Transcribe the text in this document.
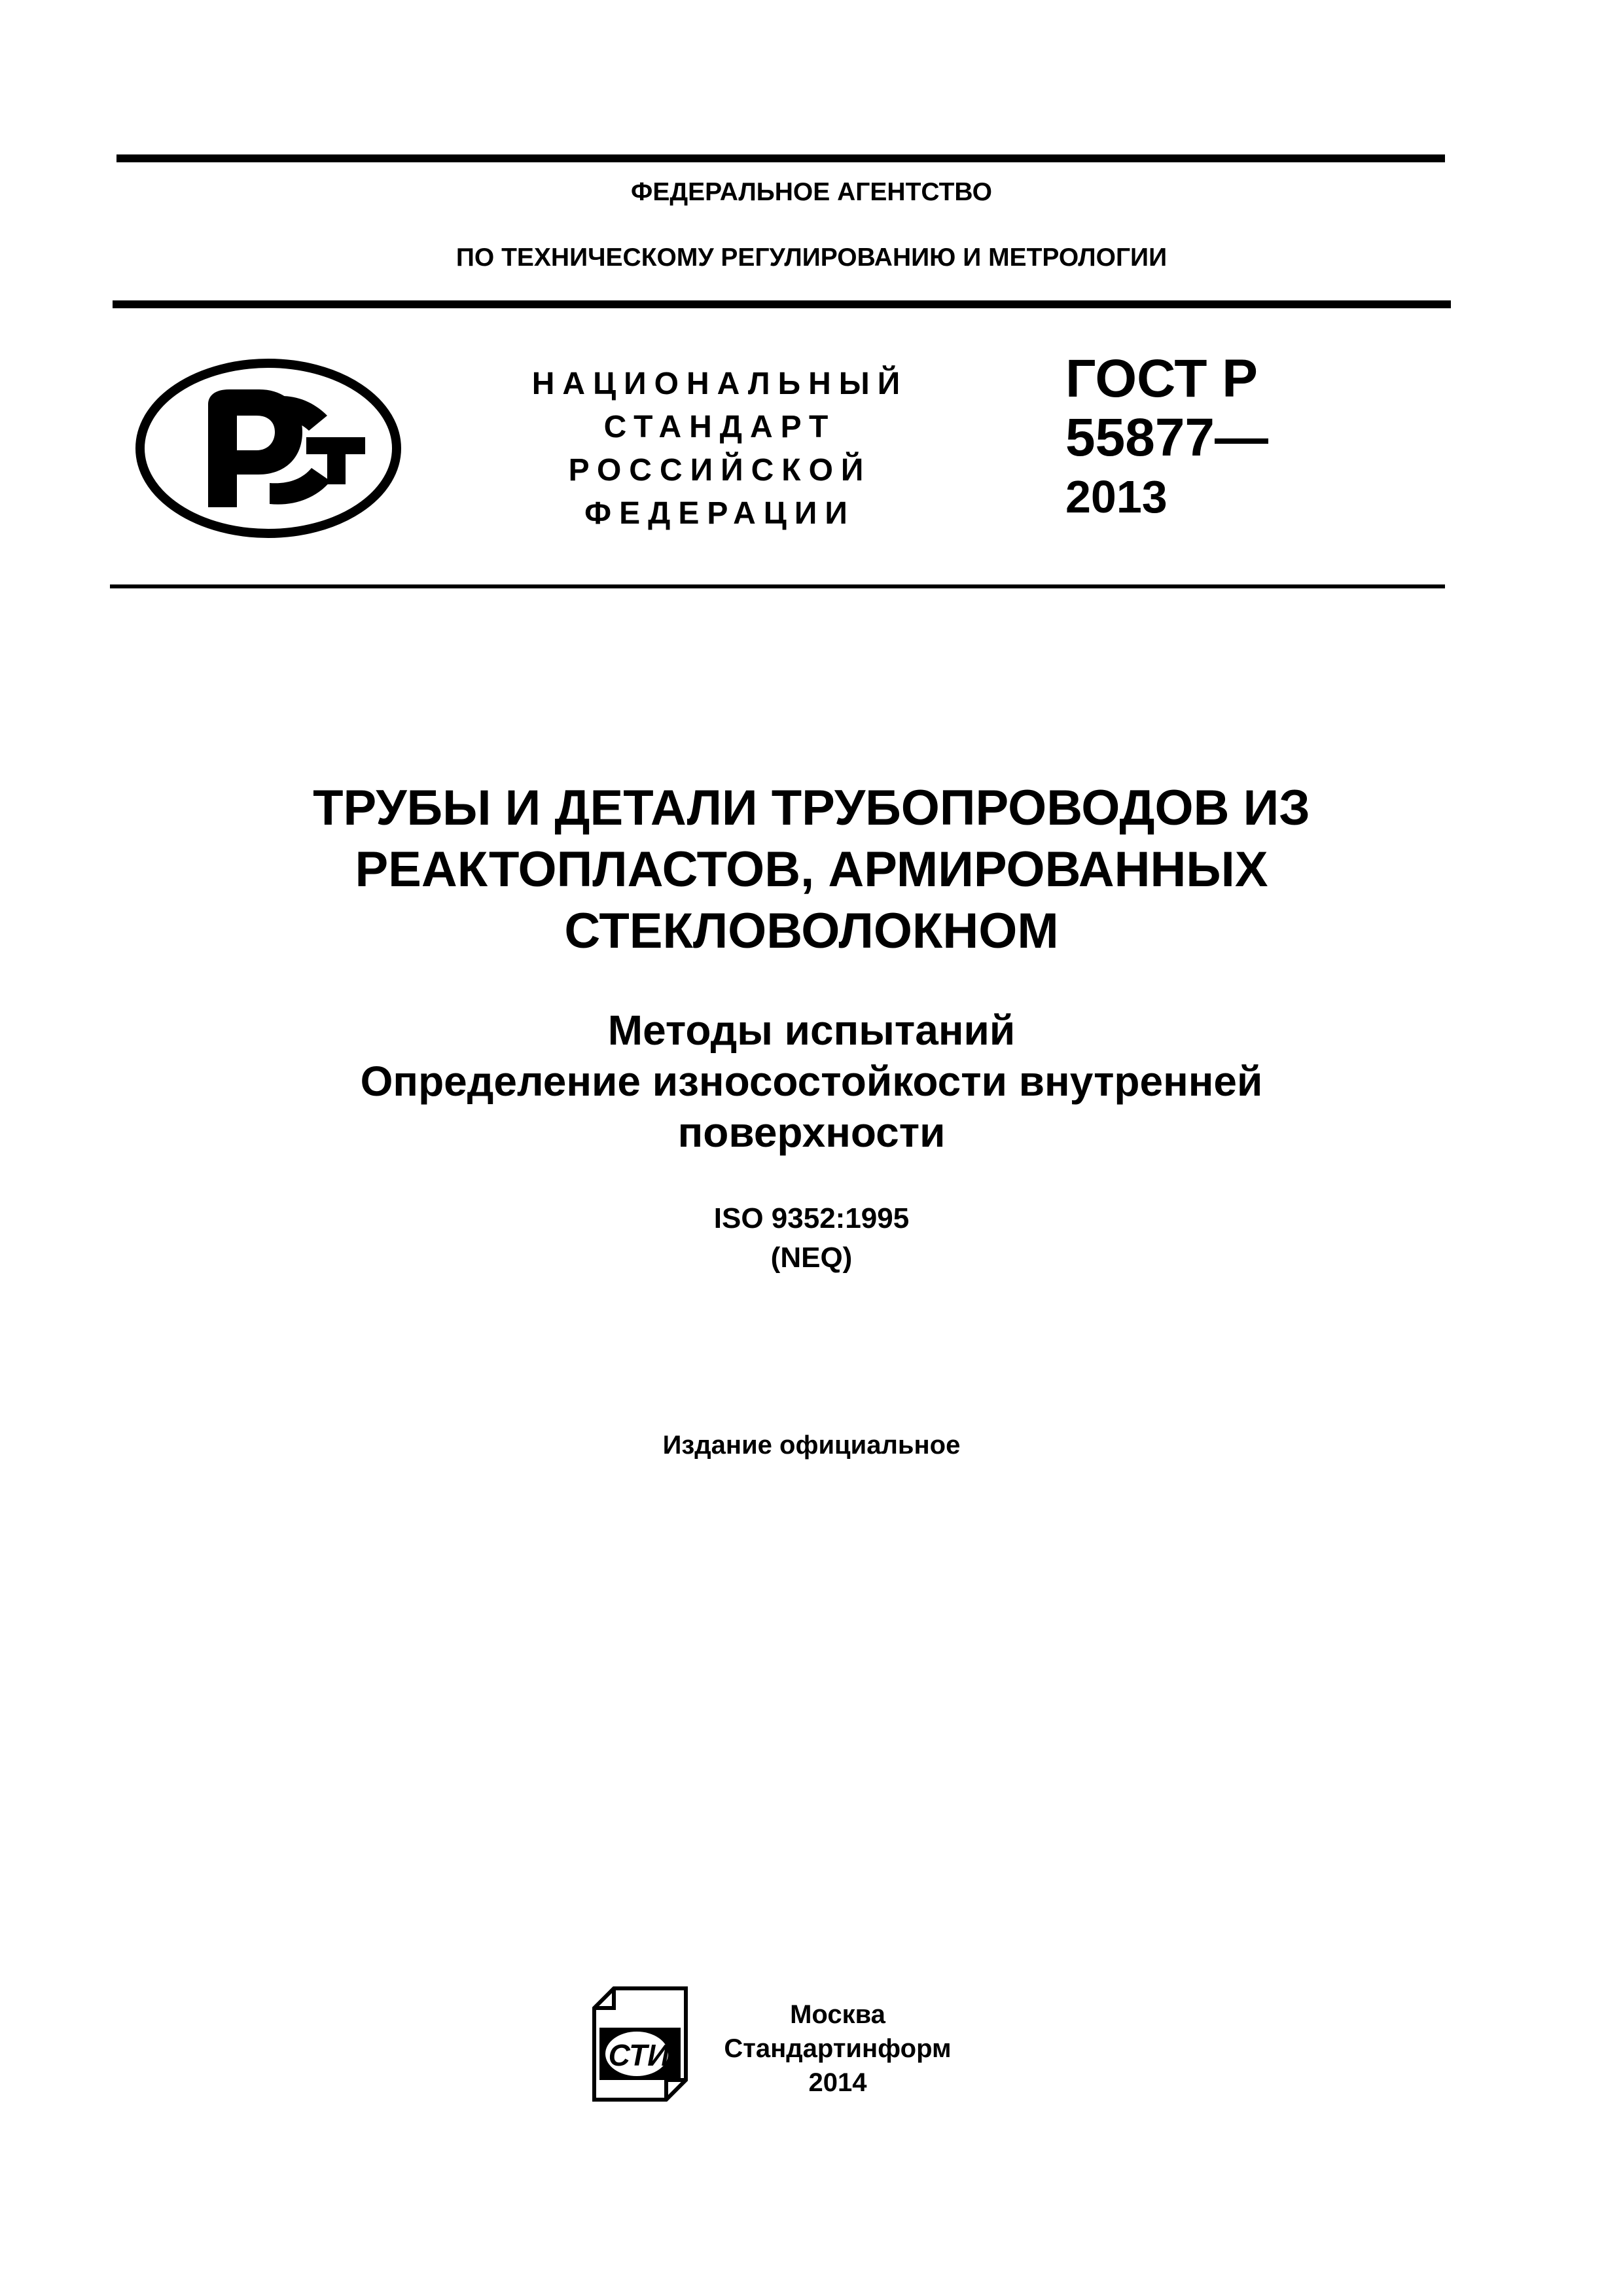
ФЕДЕРАЛЬНОЕ АГЕНТСТВО
ПО ТЕХНИЧЕСКОМУ РЕГУЛИРОВАНИЮ И МЕТРОЛОГИИ
НАЦИОНАЛЬНЫЙ
СТАНДАРТ
РОССИЙСКОЙ
ФЕДЕРАЦИИ
ГОСТ Р
55877—
2013
ТРУБЫ И ДЕТАЛИ ТРУБОПРОВОДОВ ИЗ
РЕАКТОПЛАСТОВ, АРМИРОВАННЫХ
СТЕКЛОВОЛОКНОМ
Методы испытаний
Определение износостойкости внутренней
поверхности
ISO 9352:1995
(NEQ)
Издание официальное
СТИ
Москва
Стандартинформ
2014
